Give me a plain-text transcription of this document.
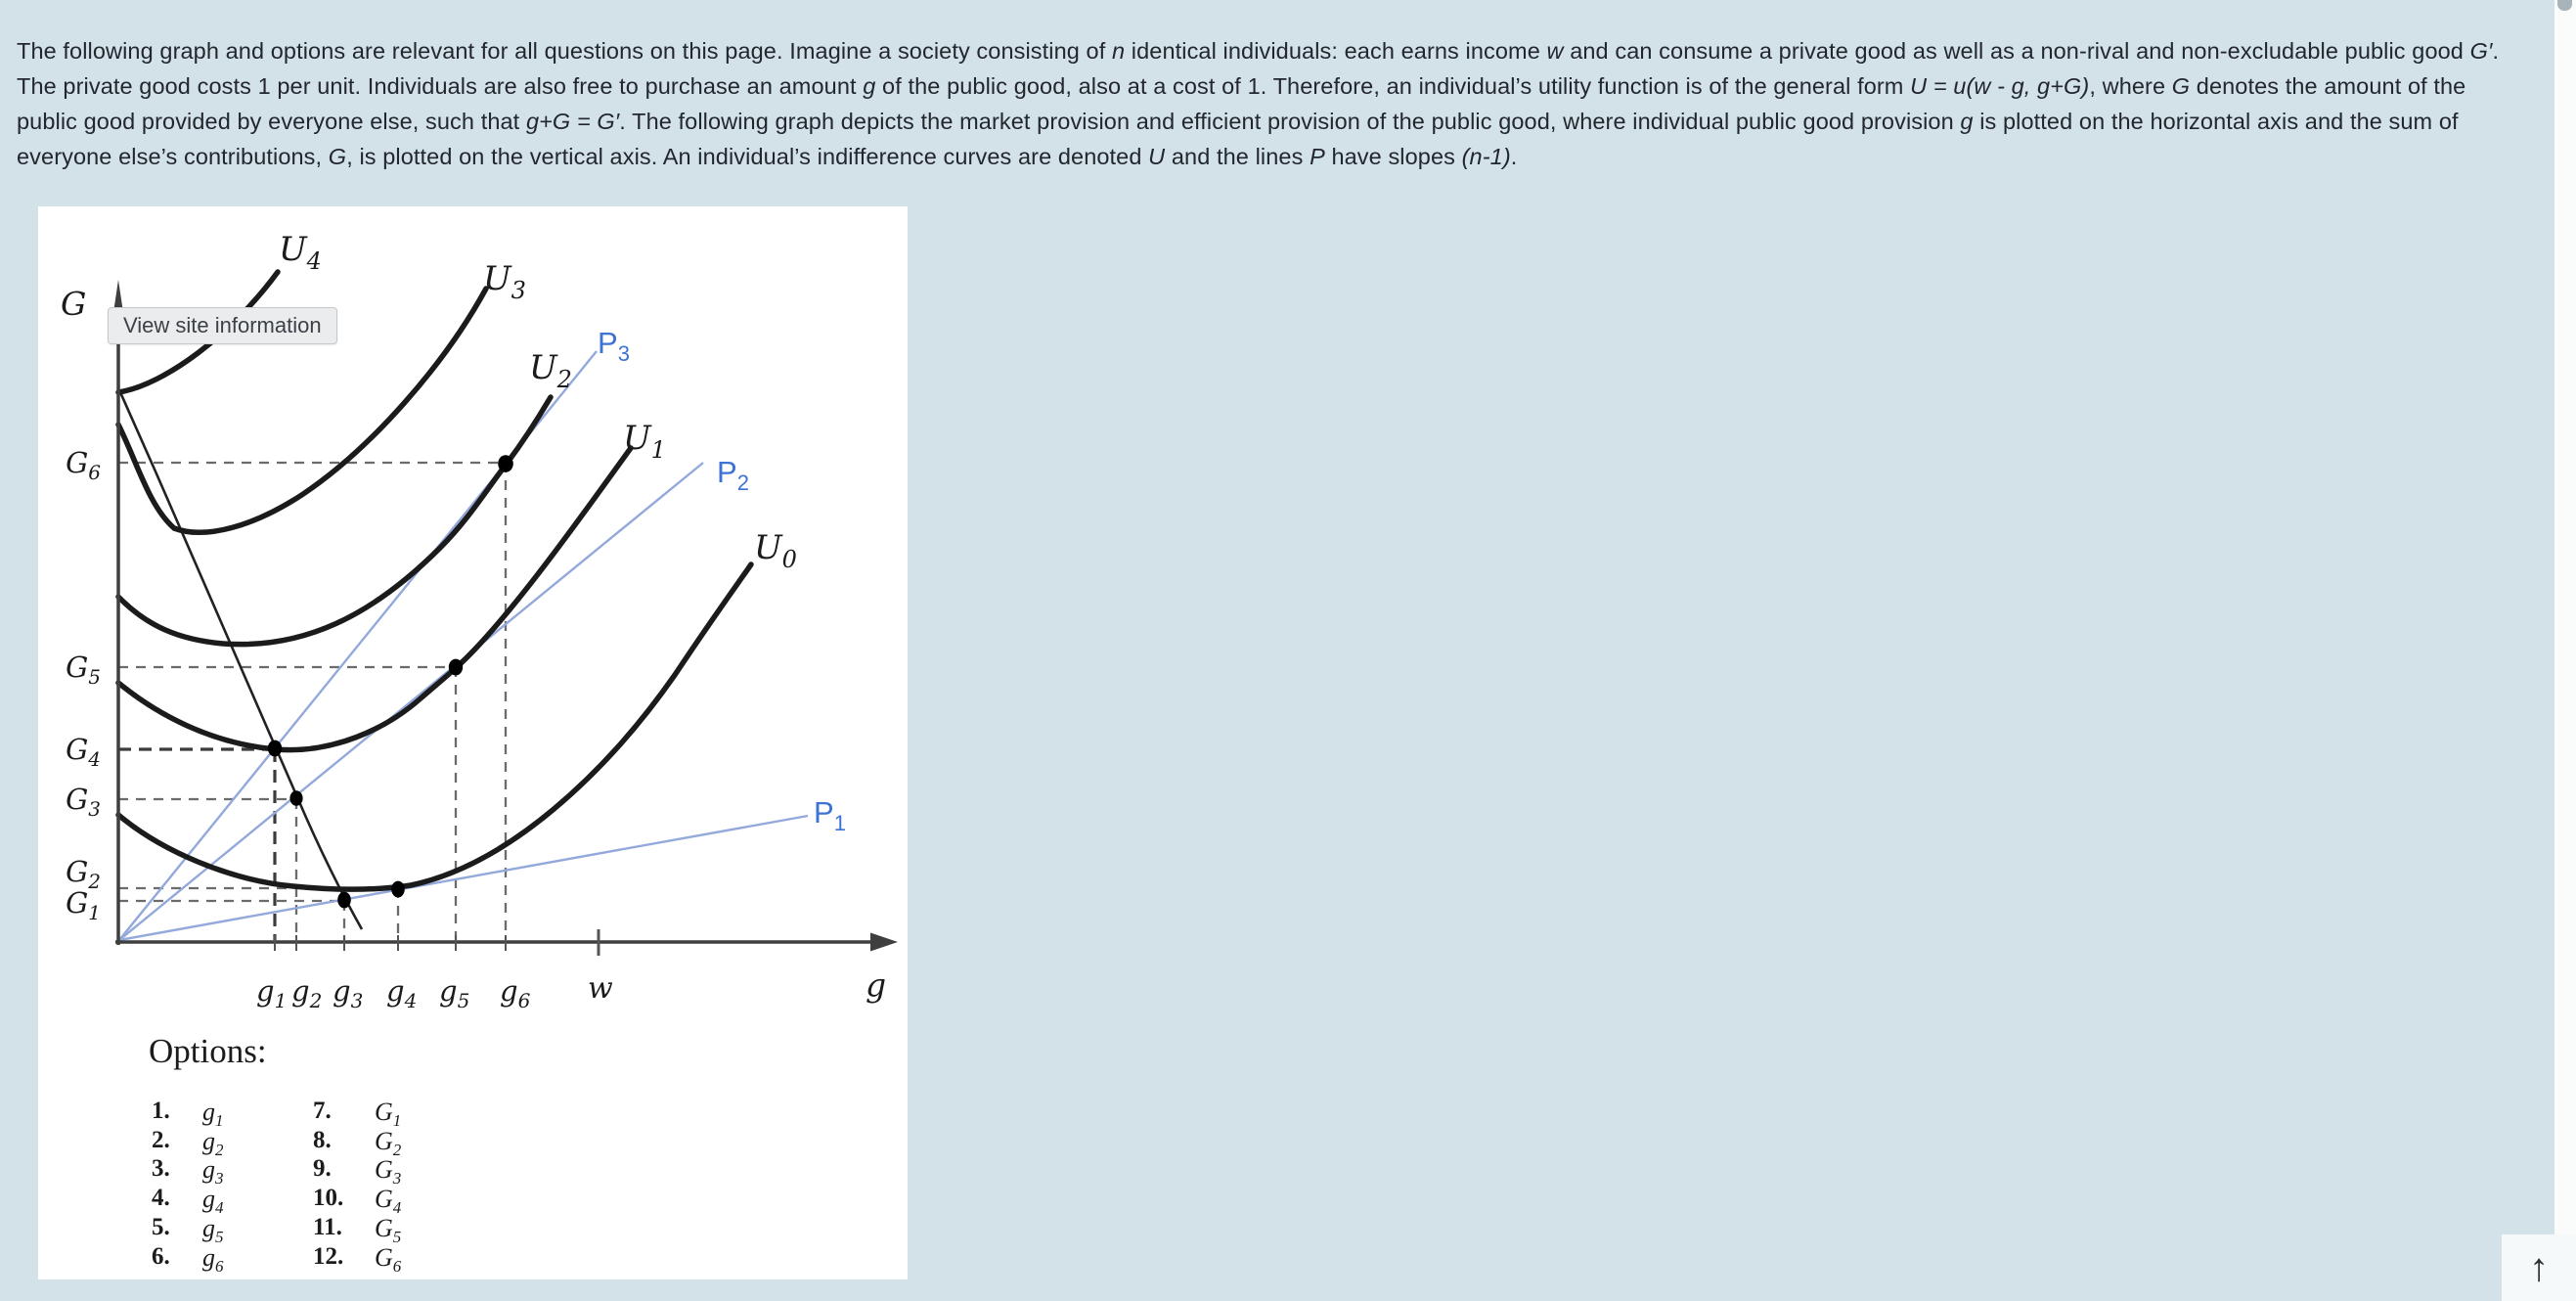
The following graph and options are relevant for all questions on this page. Imagine a society consisting of n identical individuals: each earns income w and can consume a private good as well as a non-rival and non-excludable public good G′. The private good costs 1 per unit. Individuals are also free to purchase an amount g of the public good, also at a cost of 1. Therefore, an individual’s utility function is of the general form U = u(w - g, g+G), where G denotes the amount of the public good provided by everyone else, such that g+G = G′. The following graph depicts the market provision and efficient provision of the public good, where individual public good provision g is plotted on the horizontal axis and the sum of everyone else’s contributions, G, is plotted on the vertical axis. An individual’s indifference curves are denoted U and the lines P have slopes (n-1).

G
g
w
$G_6$
$G_5$
$G_4$
$G_3$
$G_2$
$G_1$
$g_1$ $g_2$ $g_3$ $g_4$ $g_5$ $g_6$
$U_4$	$U_3$
$U_2$
$U_1$
$U_0$
$P_3$
$P_2$
$P_1$
Options:
1. $g_1$	7. $G_1$
2. $g_2$	8. $G_2$
3. $g_3$	9. $G_3$
4. $g_4$	10. $G_4$
5. $g_5$	11. $G_5$
6. $g_6$	12. $G_6$
View site information
↑
